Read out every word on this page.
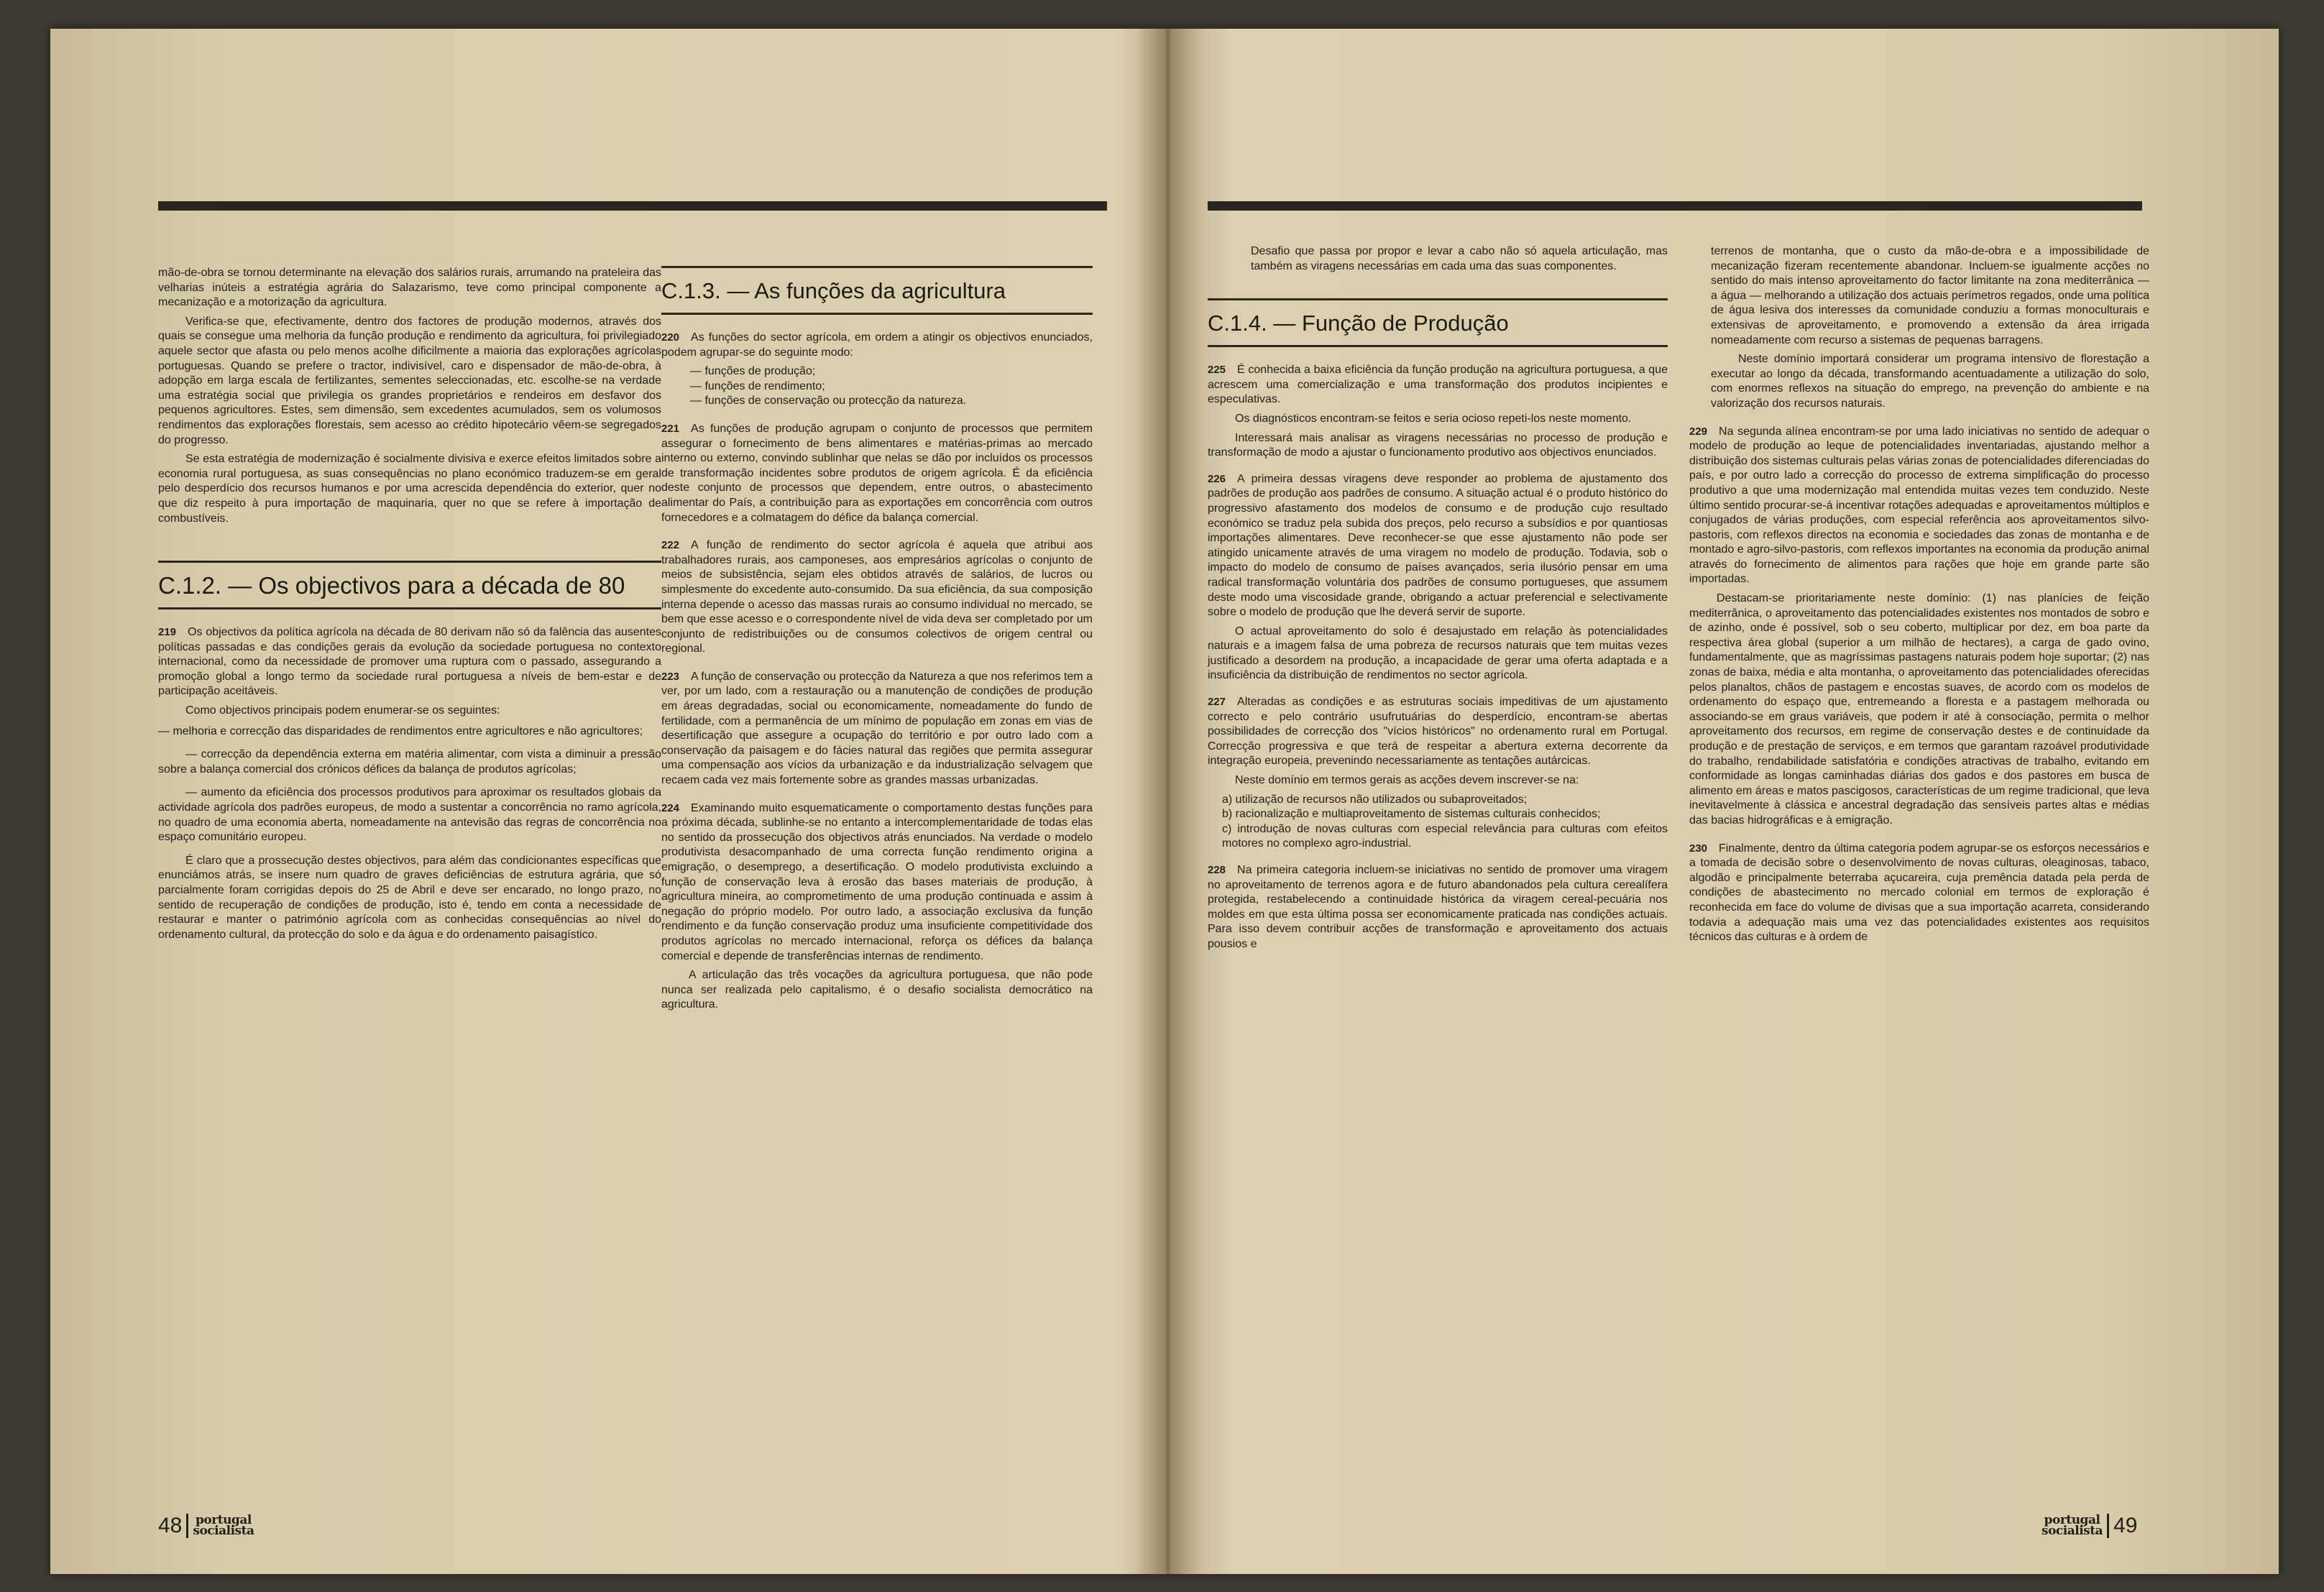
mão-de-obra se tornou determinante na elevação dos salários rurais, arrumando na prateleira das velharias inúteis a estratégia agrária do Salazarismo, teve como principal componente a mecanização e a motorização da agricultura.

Verifica-se que, efectivamente, dentro dos factores de produção modernos, através dos quais se consegue uma melhoria da função produção e rendimento da agricultura, foi privilegiado aquele sector que afasta ou pelo menos acolhe dificilmente a maioria das explorações agrícolas portuguesas. Quando se prefere o tractor, indivisível, caro e dispensador de mão-de-obra, à adopção em larga escala de fertilizantes, sementes seleccionadas, etc. escolhe-se na verdade uma estratégia social que privilegia os grandes proprietários e rendeiros em desfavor dos pequenos agricultores. Estes, sem dimensão, sem excedentes acumulados, sem os volumosos rendimentos das explorações florestais, sem acesso ao crédito hipotecário vêem-se segregados do progresso.

Se esta estratégia de modernização é socialmente divisiva e exerce efeitos limitados sobre a economia rural portuguesa, as suas consequências no plano económico traduzem-se em geral pelo desperdício dos recursos humanos e por uma acrescida dependência do exterior, quer no que diz respeito à pura importação de maquinaria, quer no que se refere à importação de combustíveis.

C.1.2. — Os objectivos para a década de 80

219 Os objectivos da política agrícola na década de 80 derivam não só da falência das ausentes políticas passadas e das condições gerais da evolução da sociedade portuguesa no contexto internacional, como da necessidade de promover uma ruptura com o passado, assegurando a promoção global a longo termo da sociedade rural portuguesa a níveis de bem-estar e de participação aceitáveis.

Como objectivos principais podem enumerar-se os seguintes:

— melhoria e correcção das disparidades de rendimentos entre agricultores e não agricultores;

— correcção da dependência externa em matéria alimentar, com vista a diminuir a pressão sobre a balança comercial dos crónicos défices da balança de produtos agrícolas;

— aumento da eficiência dos processos produtivos para aproximar os resultados globais da actividade agrícola dos padrões europeus, de modo a sustentar a concorrência no ramo agrícola, no quadro de uma economia aberta, nomeadamente na antevisão das regras de concorrência no espaço comunitário europeu.

É claro que a prossecução destes objectivos, para além das condicionantes específicas que enunciámos atrás, se insere num quadro de graves deficiências de estrutura agrária, que só parcialmente foram corrigidas depois do 25 de Abril e deve ser encarado, no longo prazo, no sentido de recuperação de condições de produção, isto é, tendo em conta a necessidade de restaurar e manter o património agrícola com as conhecidas consequências ao nível do ordenamento cultural, da protecção do solo e da água e do ordenamento paisagístico.

C.1.3. — As funções da agricultura

220 As funções do sector agrícola, em ordem a atingir os objectivos enunciados, podem agrupar-se do seguinte modo:

— funções de produção;
— funções de rendimento;
— funções de conservação ou protecção da natureza.

221 As funções de produção agrupam o conjunto de processos que permitem assegurar o fornecimento de bens alimentares e matérias-primas ao mercado interno ou externo, convindo sublinhar que nelas se dão por incluídos os processos de transformação incidentes sobre produtos de origem agrícola. É da eficiência deste conjunto de processos que dependem, entre outros, o abastecimento alimentar do País, a contribuição para as exportações em concorrência com outros fornecedores e a colmatagem do défice da balança comercial.

222 A função de rendimento do sector agrícola é aquela que atribui aos trabalhadores rurais, aos camponeses, aos empresários agrícolas o conjunto de meios de subsistência, sejam eles obtidos através de salários, de lucros ou simplesmente do excedente auto-consumido. Da sua eficiência, da sua composição interna depende o acesso das massas rurais ao consumo individual no mercado, se bem que esse acesso e o correspondente nível de vida deva ser completado por um conjunto de redistribuições ou de consumos colectivos de origem central ou regional.

223 A função de conservação ou protecção da Natureza a que nos referimos tem a ver, por um lado, com a restauração ou a manutenção de condições de produção em áreas degradadas, social ou economicamente, nomeadamente do fundo de fertilidade, com a permanência de um mínimo de população em zonas em vias de desertificação que assegure a ocupação do território e por outro lado com a conservação da paisagem e do fácies natural das regiões que permita assegurar uma compensação aos vícios da urbanização e da industrialização selvagem que recaem cada vez mais fortemente sobre as grandes massas urbanizadas.

224 Examinando muito esquematicamente o comportamento destas funções para a próxima década, sublinhe-se no entanto a intercomplementaridade de todas elas no sentido da prossecução dos objectivos atrás enunciados. Na verdade o modelo produtivista desacompanhado de uma correcta função rendimento origina a emigração, o desemprego, a desertificação. O modelo produtivista excluindo a função de conservação leva à erosão das bases materiais de produção, à agricultura mineira, ao comprometimento de uma produção continuada e assim à negação do próprio modelo. Por outro lado, a associação exclusiva da função rendimento e da função conservação produz uma insuficiente competitividade dos produtos agrícolas no mercado internacional, reforça os défices da balança comercial e depende de transferências internas de rendimento.

A articulação das três vocações da agricultura portuguesa, que não pode nunca ser realizada pelo capitalismo, é o desafio socialista democrático na agricultura.

48 portugal
socialista

Desafio que passa por propor e levar a cabo não só aquela articulação, mas também as viragens necessárias em cada uma das suas componentes.

C.1.4. — Função de Produção

225 É conhecida a baixa eficiência da função produção na agricultura portuguesa, a que acrescem uma comercialização e uma transformação dos produtos incipientes e especulativas.

Os diagnósticos encontram-se feitos e seria ocioso repeti-los neste momento.

Interessará mais analisar as viragens necessárias no processo de produção e transformação de modo a ajustar o funcionamento produtivo aos objectivos enunciados.

226 A primeira dessas viragens deve responder ao problema de ajustamento dos padrões de produção aos padrões de consumo. A situação actual é o produto histórico do progressivo afastamento dos modelos de consumo e de produção cujo resultado económico se traduz pela subida dos preços, pelo recurso a subsídios e por quantiosas importações alimentares. Deve reconhecer-se que esse ajustamento não pode ser atingido unicamente através de uma viragem no modelo de produção. Todavia, sob o impacto do modelo de consumo de países avançados, seria ilusório pensar em uma radical transformação voluntária dos padrões de consumo portugueses, que assumem deste modo uma viscosidade grande, obrigando a actuar preferencial e selectivamente sobre o modelo de produção que lhe deverá servir de suporte.

O actual aproveitamento do solo é desajustado em relação às potencialidades naturais e a imagem falsa de uma pobreza de recursos naturais que tem muitas vezes justificado a desordem na produção, a incapacidade de gerar uma oferta adaptada e a insuficiência da distribuição de rendimentos no sector agrícola.

227 Alteradas as condições e as estruturas sociais impeditivas de um ajustamento correcto e pelo contrário usufrutuárias do desperdício, encontram-se abertas possibilidades de correcção dos "vícios históricos" no ordenamento rural em Portugal. Correcção progressiva e que terá de respeitar a abertura externa decorrente da integração europeia, prevenindo necessariamente as tentações autárcicas.

Neste domínio em termos gerais as acções devem inscrever-se na:

a) utilização de recursos não utilizados ou subaproveitados;
b) racionalização e multiaproveitamento de sistemas culturais conhecidos;
c) introdução de novas culturas com especial relevância para culturas com efeitos motores no complexo agro-industrial.

228 Na primeira categoria incluem-se iniciativas no sentido de promover uma viragem no aproveitamento de terrenos agora e de futuro abandonados pela cultura cerealífera protegida, restabelecendo a continuidade histórica da viragem cereal-pecuária nos moldes em que esta última possa ser economicamente praticada nas condições actuais. Para isso devem contribuir acções de transformação e aproveitamento dos actuais pousios e

terrenos de montanha, que o custo da mão-de-obra e a impossibilidade de mecanização fizeram recentemente abandonar. Incluem-se igualmente acções no sentido do mais intenso aproveitamento do factor limitante na zona mediterrânica — a água — melhorando a utilização dos actuais perímetros regados, onde uma política de água lesiva dos interesses da comunidade conduziu a formas monoculturais e extensivas de aproveitamento, e promovendo a extensão da área irrigada nomeadamente com recurso a sistemas de pequenas barragens.

Neste domínio importará considerar um programa intensivo de florestação a executar ao longo da década, transformando acentuadamente a utilização do solo, com enormes reflexos na situação do emprego, na prevenção do ambiente e na valorização dos recursos naturais.

229 Na segunda alínea encontram-se por uma lado iniciativas no sentido de adequar o modelo de produção ao leque de potencialidades inventariadas, ajustando melhor a distribuição dos sistemas culturais pelas várias zonas de potencialidades diferenciadas do país, e por outro lado a correcção do processo de extrema simplificação do processo produtivo a que uma modernização mal entendida muitas vezes tem conduzido. Neste último sentido procurar-se-á incentivar rotações adequadas e aproveitamentos múltiplos e conjugados de várias produções, com especial referência aos aproveitamentos silvo-pastoris, com reflexos directos na economia e sociedades das zonas de montanha e de montado e agro-silvo-pastoris, com reflexos importantes na economia da produção animal através do fornecimento de alimentos para rações que hoje em grande parte são importadas.

Destacam-se prioritariamente neste domínio: (1) nas planícies de feição mediterrânica, o aproveitamento das potencialidades existentes nos montados de sobro e de azinho, onde é possível, sob o seu coberto, multiplicar por dez, em boa parte da respectiva área global (superior a um milhão de hectares), a carga de gado ovino, fundamentalmente, que as magríssimas pastagens naturais podem hoje suportar; (2) nas zonas de baixa, média e alta montanha, o aproveitamento das potencialidades oferecidas pelos planaltos, chãos de pastagem e encostas suaves, de acordo com os modelos de ordenamento do espaço que, entremeando a floresta e a pastagem melhorada ou associando-se em graus variáveis, que podem ir até à consociação, permita o melhor aproveitamento dos recursos, em regime de conservação destes e de continuidade da produção e de prestação de serviços, e em termos que garantam razoável produtividade do trabalho, rendabilidade satisfatória e condições atractivas de trabalho, evitando em conformidade as longas caminhadas diárias dos gados e dos pastores em busca de alimento em áreas e matos pascigosos, características de um regime tradicional, que leva inevitavelmente à clássica e ancestral degradação das sensíveis partes altas e médias das bacias hidrográficas e à emigração.

230 Finalmente, dentro da última categoria podem agrupar-se os esforços necessários e a tomada de decisão sobre o desenvolvimento de novas culturas, oleaginosas, tabaco, algodão e principalmente beterraba açucareira, cuja premência datada pela perda de condições de abastecimento no mercado colonial em termos de exploração é reconhecida em face do volume de divisas que a sua importação acarreta, considerando todavia a adequação mais uma vez das potencialidades existentes aos requisitos técnicos das culturas e à ordem de

portugal
socialista 49
